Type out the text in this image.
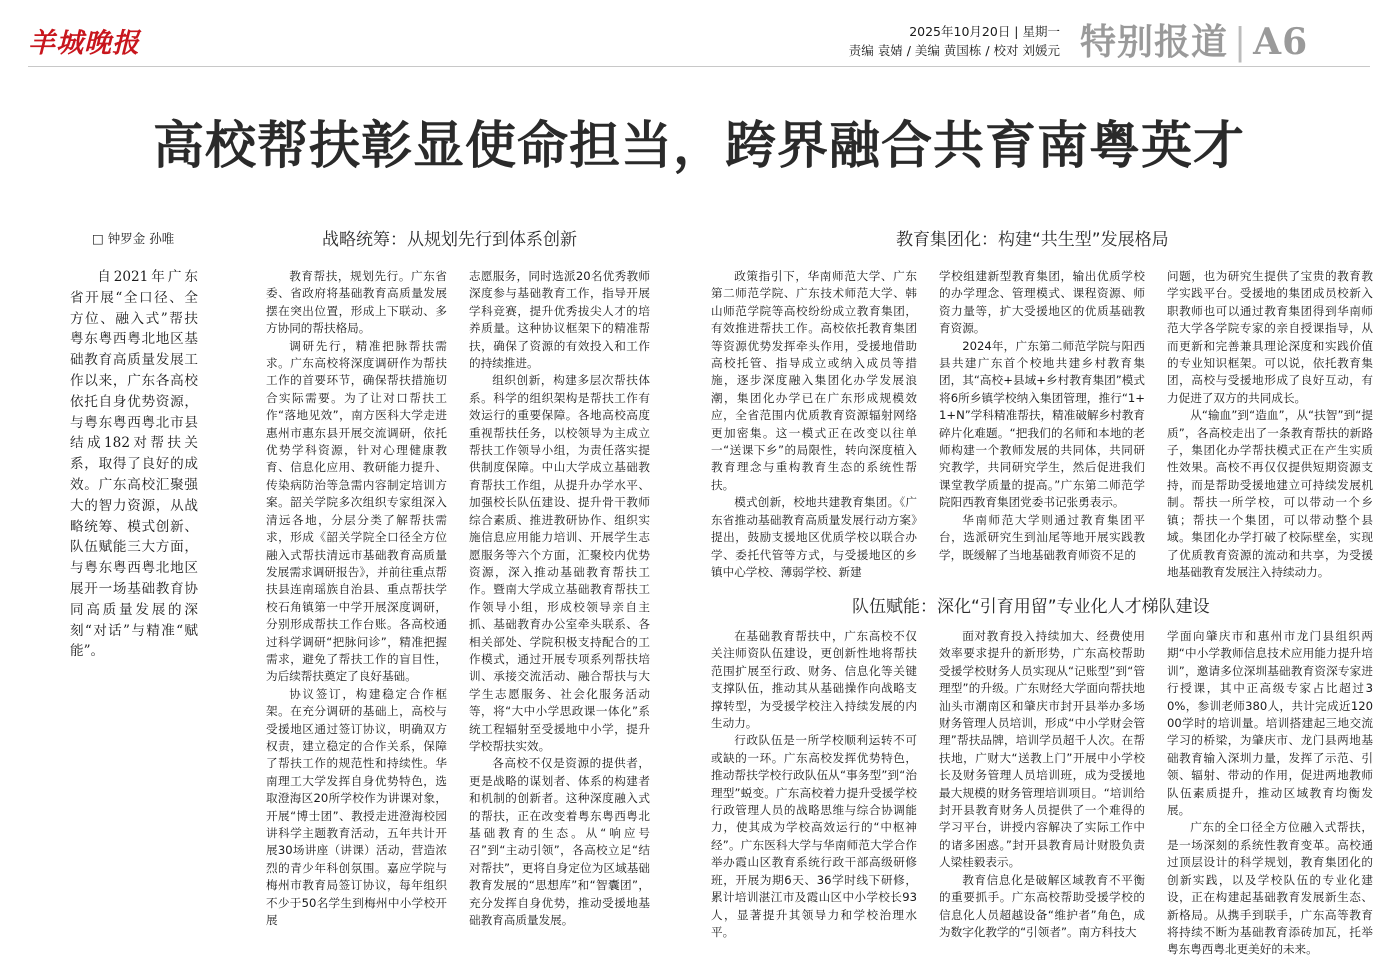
羊城晚报	2025年10月20日 | 星期一
责编 袁婧 / 美编 黄国栋 / 校对 刘媛元 特别报道 | A6
高校帮扶彰显使命担当，跨界融合共育南粤英才
□ 钟罗金 孙唯	战略统筹：从规划先行到体系创新	教育集团化：构建“共生型”发展格局
队伍赋能：深化“引育用留”专业化人才梯队建设

自2021年广东省开展“全口径、全方位、融入式”帮扶粤东粤西粤北地区基础教育高质量发展工作以来，广东各高校依托自身优势资源，与粤东粤西粤北市县结成182对帮扶关系，取得了良好的成效。广东高校汇聚强大的智力资源，从战略统筹、模式创新、队伍赋能三大方面，与粤东粤西粤北地区展开一场基础教育协同高质量发展的深刻“对话”与精准“赋能”。

教育帮扶，规划先行。广东省委、省政府将基础教育高质量发展摆在突出位置，形成上下联动、多方协同的帮扶格局。

调研先行，精准把脉帮扶需求。广东高校将深度调研作为帮扶工作的首要环节，确保帮扶措施切合实际需要。为了让对口帮扶工作“落地见效”，南方医科大学走进惠州市惠东县开展交流调研，依托优势学科资源，针对心理健康教育、信息化应用、教研能力提升、传染病防治等急需内容制定培训方案。韶关学院多次组织专家组深入清远各地，分层分类了解帮扶需求，形成《韶关学院全口径全方位融入式帮扶清远市基础教育高质量发展需求调研报告》，并前往重点帮扶县连南瑶族自治县、重点帮扶学校石角镇第一中学开展深度调研，分别形成帮扶工作台账。各高校通过科学调研“把脉问诊”，精准把握需求，避免了帮扶工作的盲目性，为后续帮扶奠定了良好基础。

协议签订，构建稳定合作框架。在充分调研的基础上，高校与受援地区通过签订协议，明确双方权责，建立稳定的合作关系，保障了帮扶工作的规范性和持续性。华南理工大学发挥自身优势特色，选取澄海区20所学校作为讲课对象，开展“博士团”、教授走进澄海校园讲科学主题教育活动，五年共计开展30场讲座（讲课）活动，营造浓烈的青少年科创氛围。嘉应学院与梅州市教育局签订协议，每年组织不少于50名学生到梅州中小学校开展

志愿服务，同时选派20名优秀教师深度参与基础教育工作，指导开展学科竞赛，提升优秀拔尖人才的培养质量。这种协议框架下的精准帮扶，确保了资源的有效投入和工作的持续推进。

组织创新，构建多层次帮扶体系。科学的组织架构是帮扶工作有效运行的重要保障。各地高校高度重视帮扶任务，以校领导为主成立帮扶工作领导小组，为责任落实提供制度保障。中山大学成立基础教育帮扶工作组，从提升办学水平、加强校长队伍建设、提升骨干教师综合素质、推进教研协作、组织实施信息应用能力培训、开展学生志愿服务等六个方面，汇聚校内优势资源，深入推动基础教育帮扶工作。暨南大学成立基础教育帮扶工作领导小组，形成校领导亲自主抓、基础教育办公室牵头联系、各相关部处、学院积极支持配合的工作模式，通过开展专项系列帮扶培训、承接交流活动、融合帮扶与大学生志愿服务、社会化服务活动等，将“大中小学思政课一体化”系统工程辐射至受援地中小学，提升学校帮扶实效。

各高校不仅是资源的提供者，更是战略的谋划者、体系的构建者和机制的创新者。这种深度融入式的帮扶，正在改变着粤东粤西粤北基础教育的生态。从“响应号召”到“主动引领”，各高校立足“结对帮扶”，更将自身定位为区域基础教育发展的“思想库”和“智囊团”，充分发挥自身优势，推动受援地基础教育高质量发展。

政策指引下，华南师范大学、广东第二师范学院、广东技术师范大学、韩山师范学院等高校纷纷成立教育集团，有效推进帮扶工作。高校依托教育集团等资源优势发挥牵头作用，受援地借助高校托管、指导成立或纳入成员等措施，逐步深度融入集团化办学发展浪潮，集团化办学已在广东形成规模效应，全省范围内优质教育资源辐射网络更加密集。这一模式正在改变以往单一“送课下乡”的局限性，转向深度植入教育理念与重构教育生态的系统性帮扶。

模式创新，校地共建教育集团。《广东省推动基础教育高质量发展行动方案》提出，鼓励支援地区优质学校以联合办学、委托代管等方式，与受援地区的乡镇中心学校、薄弱学校、新建

学校组建新型教育集团，输出优质学校的办学理念、管理模式、课程资源、师资力量等，扩大受援地区的优质基础教育资源。

2024年，广东第二师范学院与阳西县共建广东首个校地共建乡村教育集团，其“高校+县域+乡村教育集团”模式将6所乡镇学校纳入集团管理，推行“1+1+N”学科精准帮扶，精准破解乡村教育碎片化难题。“把我们的名师和本地的老师构建一个教师发展的共同体，共同研究教学，共同研究学生，然后促进我们课堂教学质量的提高。”广东第二师范学院阳西教育集团党委书记张勇表示。

华南师范大学则通过教育集团平台，选派研究生到汕尾等地开展实践教学，既缓解了当地基础教育师资不足的

问题，也为研究生提供了宝贵的教育教学实践平台。受援地的集团成员校新入职教师也可以通过教育集团得到华南师范大学各学院专家的亲自授课指导，从而更新和完善兼具理论深度和实践价值的专业知识框架。可以说，依托教育集团，高校与受援地形成了良好互动，有力促进了双方的共同成长。

从“输血”到“造血”，从“扶智”到“提质”，各高校走出了一条教育帮扶的新路子，集团化办学帮扶模式正在产生实质性效果。高校不再仅仅提供短期资源支持，而是帮助受援地建立可持续发展机制。帮扶一所学校，可以带动一个乡镇；帮扶一个集团，可以带动整个县域。集团化办学打破了校际壁垒，实现了优质教育资源的流动和共享，为受援地基础教育发展注入持续动力。

在基础教育帮扶中，广东高校不仅关注师资队伍建设，更创新性地将帮扶范围扩展至行政、财务、信息化等关键支撑队伍，推动其从基础操作向战略支撑转型，为受援学校注入持续发展的内生动力。

行政队伍是一所学校顺利运转不可或缺的一环。广东高校发挥优势特色，推动帮扶学校行政队伍从“事务型”到“治理型”蜕变。广东高校着力提升受援学校行政管理人员的战略思维与综合协调能力，使其成为学校高效运行的“中枢神经”。广东医科大学与华南师范大学合作举办霞山区教育系统行政干部高级研修班，开展为期6天、36学时线下研修，累计培训湛江市及霞山区中小学校长93人，显著提升其领导力和学校治理水平。

面对教育投入持续加大、经费使用效率要求提升的新形势，广东高校帮助受援学校财务人员实现从“记账型”到“管理型”的升级。广东财经大学面向帮扶地汕头市潮南区和肇庆市封开县举办多场财务管理人员培训，形成“中小学财会管理”帮扶品牌，培训学员超千人次。在帮扶地，广财大“送教上门”开展中小学校长及财务管理人员培训班，成为受援地最大规模的财务管理培训项目。“培训给封开县教育财务人员提供了一个难得的学习平台，讲授内容解决了实际工作中的诸多困惑。”封开县教育局计财股负责人梁桂毅表示。

教育信息化是破解区域教育不平衡的重要抓手。广东高校帮助受援学校的信息化人员超越设备“维护者”角色，成为数字化教学的“引领者”。南方科技大

学面向肇庆市和惠州市龙门县组织两期“中小学教师信息技术应用能力提升培训”，邀请多位深圳基础教育资深专家进行授课，其中正高级专家占比超过30%，参训老师380人，共计完成近12000学时的培训量。培训搭建起三地交流学习的桥梁，为肇庆市、龙门县两地基础教育输入深圳力量，发挥了示范、引领、辐射、带动的作用，促进两地教师队伍素质提升，推动区域教育均衡发展。

广东的全口径全方位融入式帮扶，是一场深刻的系统性教育变革。高校通过顶层设计的科学规划，教育集团化的创新实践，以及学校队伍的专业化建设，正在构建起基础教育发展新生态、新格局。从携手到联手，广东高等教育将持续不断为基础教育添砖加瓦，托举粤东粤西粤北更美好的未来。
